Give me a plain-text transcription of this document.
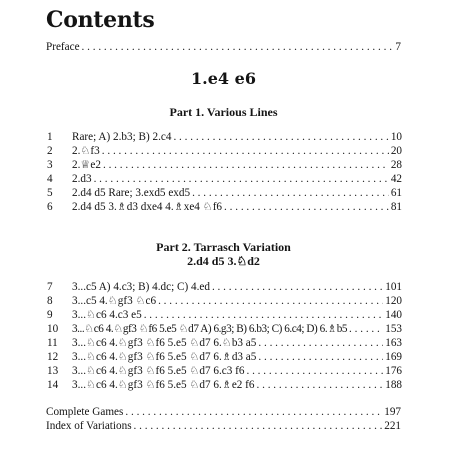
Contents
Preface . . .	7
1.e4 e6
Part 1. Various Lines
1	Rare; A) 2.b3; B) 2.c4 . . .	10
2	2.♘f3 . . .	20
3	2.♕e2 . . .	28
4	2.d3 . . .	42
5	2.d4 d5 Rare; 3.exd5 exd5 . . .	61
6	2.d4 d5 3.♗d3 dxe4 4.♗xe4 ♘f6 . . .	81
Part 2. Tarrasch Variation
2.d4 d5 3.♘d2
7	3...c5 A) 4.c3; B) 4.dc; C) 4.ed . . .	101
8	3...c5 4.♘gf3 ♘c6 . . .	120
9	3...♘c6 4.c3 e5 . . .	140
10	3...♘c6 4.♘gf3 ♘f6 5.e5 ♘d7 A) 6.g3; B) 6.b3; C) 6.c4; D) 6.♗b5 . . .	153
11	3...♘c6 4.♘gf3 ♘f6 5.e5 ♘d7 6.♘b3 a5 . . .	163
12	3...♘c6 4.♘gf3 ♘f6 5.e5 ♘d7 6.♗d3 a5 . . .	169
13	3...♘c6 4.♘gf3 ♘f6 5.e5 ♘d7 6.c3 f6 . . .	176
14	3...♘c6 4.♘gf3 ♘f6 5.e5 ♘d7 6.♗e2 f6 . . .	188
Complete Games . . .	197
Index of Variations . . .	221
